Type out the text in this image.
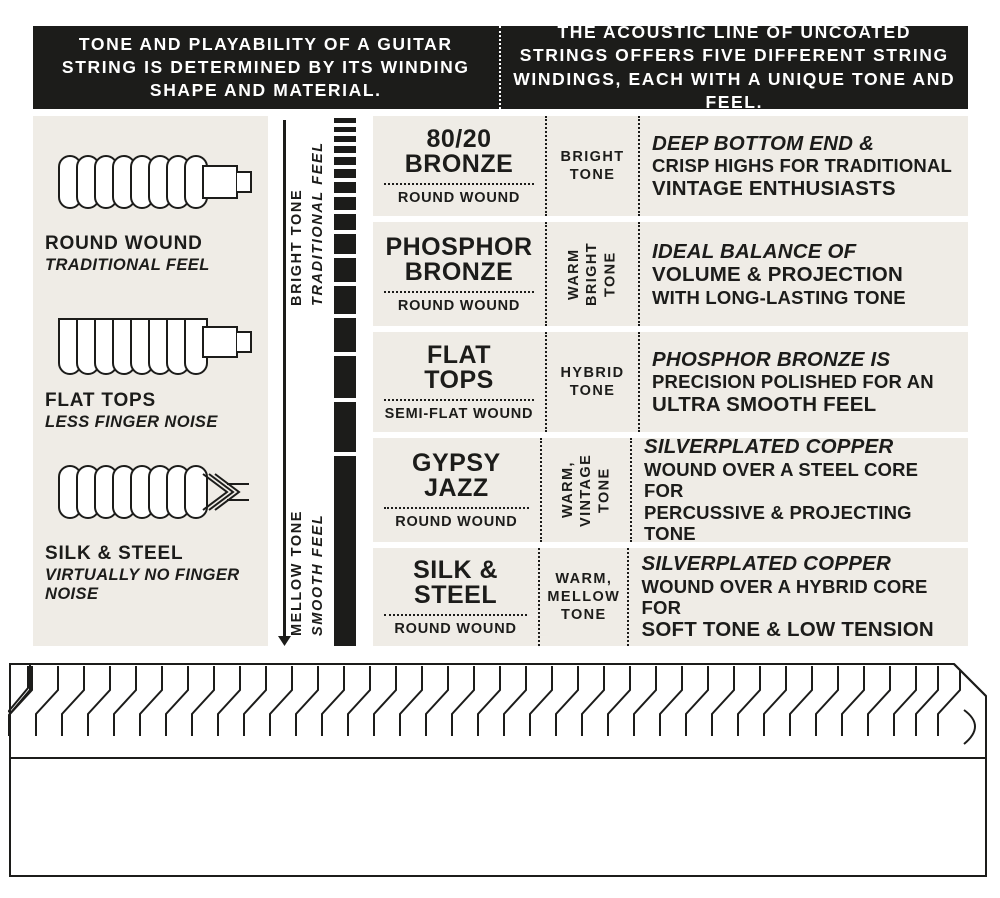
TONE AND PLAYABILITY OF A GUITAR STRING IS DETERMINED BY ITS WINDING SHAPE AND MATERIAL.

THE ACOUSTIC LINE OF UNCOATED STRINGS OFFERS FIVE DIFFERENT STRING WINDINGS, EACH WITH A UNIQUE TONE AND FEEL.

ROUND WOUND
TRADITIONAL FEEL
FLAT TOPS
LESS FINGER NOISE
SILK & STEEL
VIRTUALLY NO FINGER NOISE
BRIGHT TONE TRADITIONAL FEEL
MELLOW TONE SMOOTH FEEL
80/20
BRONZE
ROUND WOUND
BRIGHT TONE
DEEP BOTTOM END &
CRISP HIGHS FOR TRADITIONAL
VINTAGE ENTHUSIASTS
PHOSPHOR
BRONZE
ROUND WOUND
WARM BRIGHT TONE
IDEAL BALANCE OF
VOLUME & PROJECTION
WITH LONG-LASTING TONE
FLAT
TOPS
SEMI-FLAT WOUND
HYBRID TONE
PHOSPHOR BRONZE IS
PRECISION POLISHED FOR AN
ULTRA SMOOTH FEEL
GYPSY
JAZZ
ROUND WOUND
WARM, VINTAGE TONE
SILVERPLATED COPPER
WOUND OVER A STEEL CORE FOR
PERCUSSIVE & PROJECTING TONE
SILK &
STEEL
ROUND WOUND
WARM, MELLOW TONE
SILVERPLATED COPPER
WOUND OVER A HYBRID CORE FOR
SOFT TONE & LOW TENSION
